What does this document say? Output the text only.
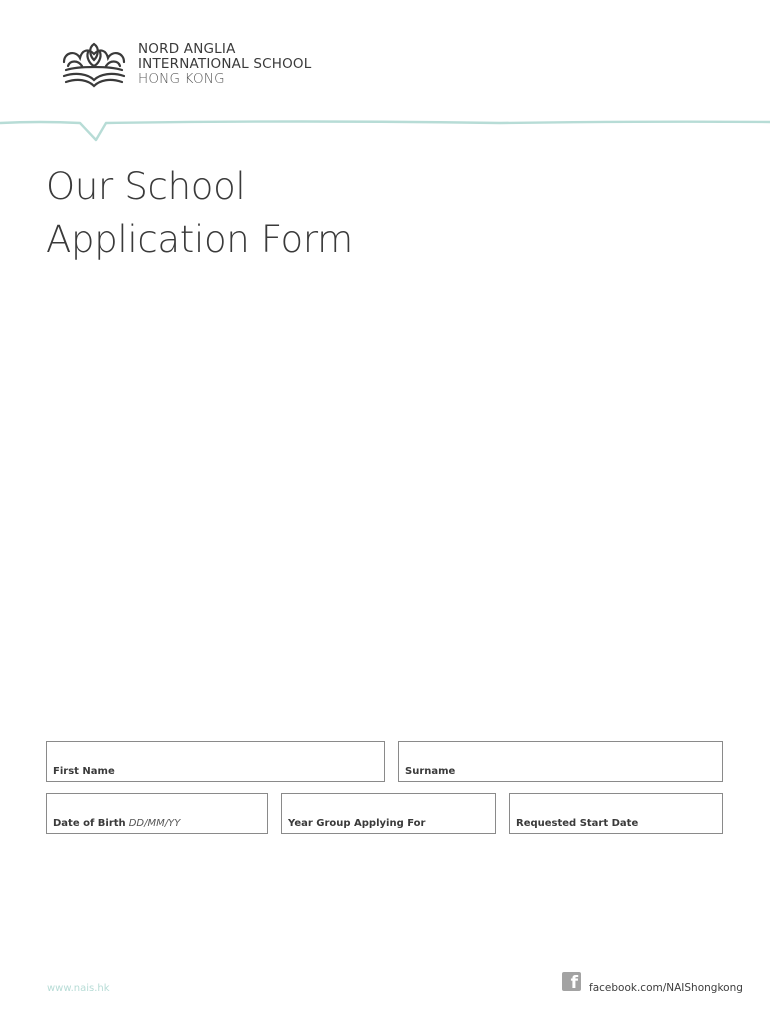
NORD ANGLIA
INTERNATIONAL SCHOOL
HONG KONG
Our School
Application Form
First Name	Surname
Date of Birth DD/MM/YY	Year Group Applying For	Requested Start Date
www.nais.hk	f facebook.com/NAIShongkong
